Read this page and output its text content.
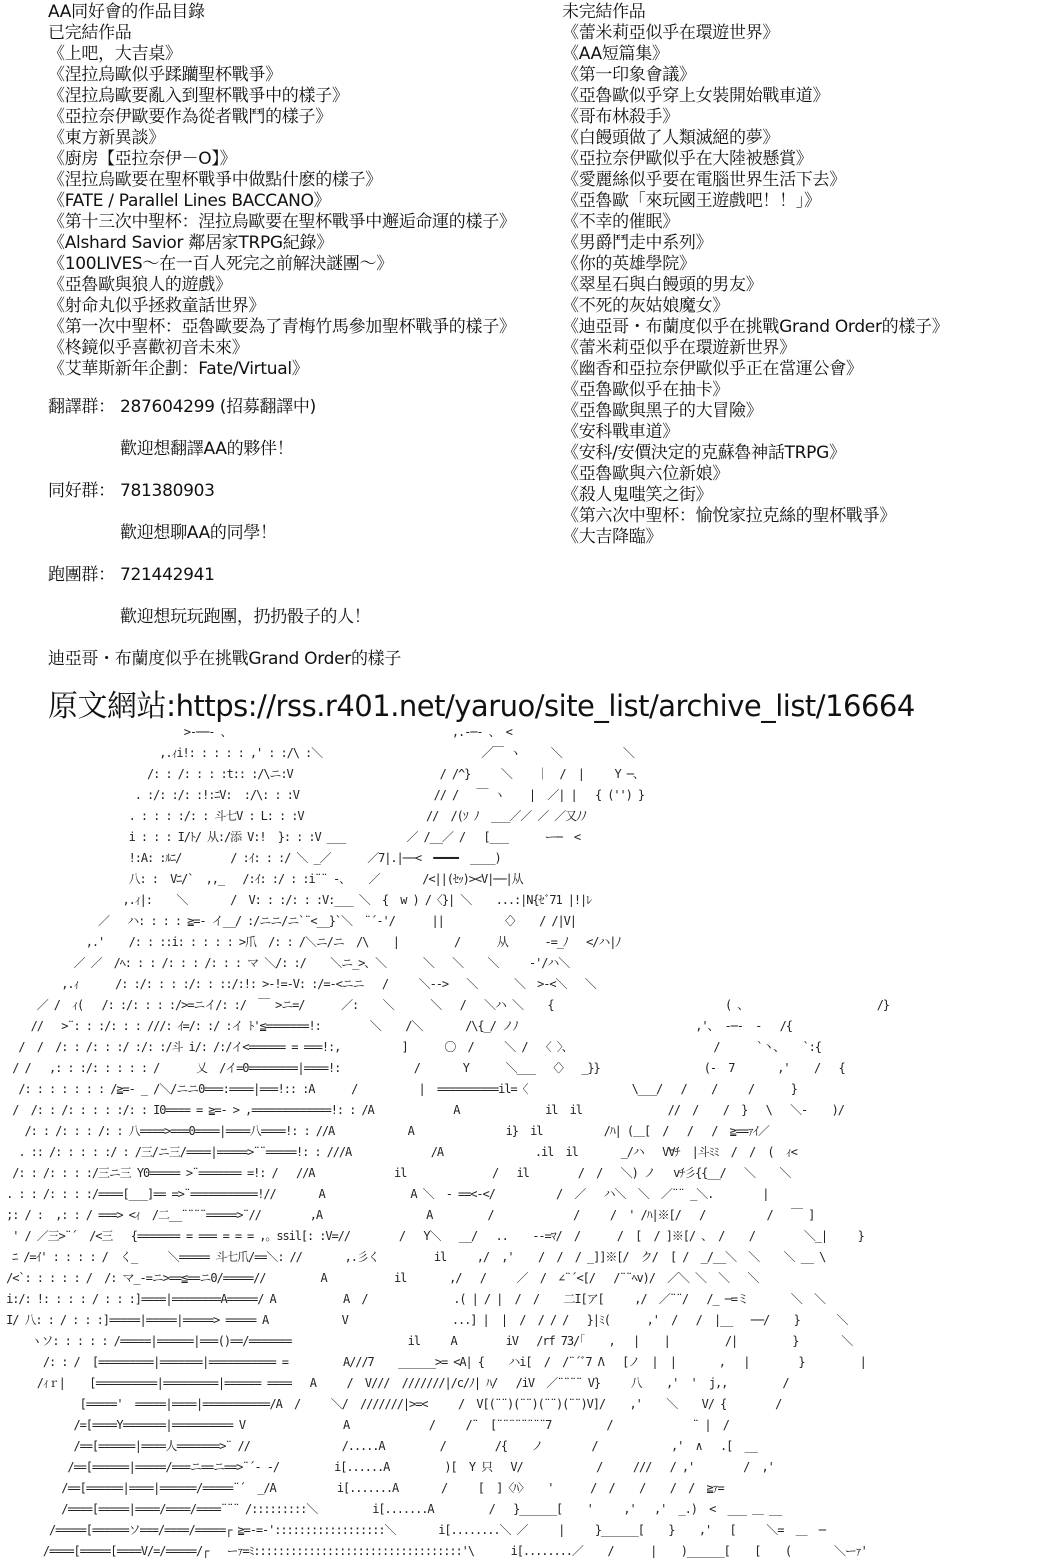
AA同好會的作品目錄
已完結作品
《上吧，大吉桌》
《涅拉烏歐似乎蹂躪聖杯戰爭》
《涅拉烏歐要亂入到聖杯戰爭中的樣子》
《亞拉奈伊歐要作為從者戰鬥的樣子》
《東方新異談》
《廚房【亞拉奈伊－O】》
《涅拉烏歐要在聖杯戰爭中做點什麽的樣子》
《FATE / Parallel Lines BACCANO》
《第十三次中聖杯：涅拉烏歐要在聖杯戰爭中邂逅命運的樣子》
《Alshard Savior 鄰居家TRPG紀錄》
《100LIVES～在一百人死完之前解決謎團～》
《亞魯歐與狼人的遊戲》
《射命丸似乎拯救童話世界》
《第一次中聖杯：亞魯歐要為了青梅竹馬參加聖杯戰爭的樣子》
《柊鏡似乎喜歡初音未來》
《艾華斯新年企劃：Fate/Virtual》
翻譯群： 287604299 (招募翻譯中)
歡迎想翻譯AA的夥伴！
同好群： 781380903
歡迎想聊AA的同學！
跑團群： 721442941
歡迎想玩玩跑團，扔扔骰子的人！
迪亞哥・布蘭度似乎在挑戰Grand Order的樣子
未完結作品
《蕾米莉亞似乎在環遊世界》
《AA短篇集》
《第一印象會議》
《亞魯歐似乎穿上女裝開始戰車道》
《哥布林殺手》
《白饅頭做了人類滅絕的夢》
《亞拉奈伊歐似乎在大陸被懸賞》
《愛麗絲似乎要在電腦世界生活下去》
《亞魯歐「來玩國王遊戲吧！！」》
《不幸的催眠》
《男爵鬥走中系列》
《你的英雄學院》
《翠星石與白饅頭的男友》
《不死的灰姑娘魔女》
《迪亞哥・布蘭度似乎在挑戰Grand Order的樣子》
《蕾米莉亞似乎在環遊新世界》
《幽香和亞拉奈伊歐似乎正在當運公會》
《亞魯歐似乎在抽卡》
《亞魯歐與黑子的大冒險》
《安科戰車道》
《安科/安價決定的克蘇魯神話TRPG》
《亞魯歐與六位新娘》
《殺人鬼嗤笑之街》
《第六次中聖杯：愉悅家拉克絲的聖杯戰爭》
《大吉降臨》
原文網站:https://rss.r401.net/yaruo/site_list/archive_list/16664
>‐──- 、                                    ,.-─- 、 <
,.ｨi!: : : : : ,' : :/\ :＼                          ／￣ ヽ     ＼          ＼
/: : /: : : :t:: :/\ニ:V                        / /^}     ＼    ｜  /  |     Y ─、
. :/: :/: :!:ﾆV:  :/\: : :V                      // /   ￣ ヽ    |  ／| |   { ('') }
. : : : :/: : 斗七V : L: : :V                    //  /(ｿ ﾉ  ___／／ ／ ／又ﾉﾉ
i : : : I/ﾄ/ 从:/添 V:!  }: : :V ___          ／ /__／ /   [___      ー─  <
!:A: :ﾙﾆ/        / :ｲ: : :/ ＼ _／      ／7|.|──<  ━━━━  ____)
八: :  Vﾆ/`  ,,_   /:ｲ: :/ : :i¨¨ ‐、   ／       /<||(ｾｯ)><V|──|从
,.ｨ|:    ＼       /  V: : :/: : :V:___ ＼  {  w ) /〈}| ＼    ...:|N{ｾﾞ71 |!|ﾚ
／   ハ: : : : ≧=- イ__/ :/ニニ/ニ`¨<__}`＼  ¨´‐'/      ||         〈〉   / /|V|
,.'    /: : ::i: : : : : >爪  /: : /＼ニ/ニ  /\    |         /      从      ‐=_ﾉ   </ハ|ﾉ
／ ／  /ﾍ: : : /: : : /: : : マ ＼/: :/    ＼ニ_>、＼      ＼   ＼    ＼     ‐'/ハ＼
,.ｨ      /: :/: : : :/: : ::/:!: >-!=-V: :/=-<ニニ   /     ＼-->   ＼      ＼  >‐<＼   ＼
／ /  ｨ(   /: :/: : : :/>=ニイ/: :/  ￣ >ニ=/      ／:    ＼      ＼   /   ＼ハ ＼    {                            ( 、                     /}
//   >¨: : :/: : : ///: ｲ=/: :/ :イ ﾄ'≦=======!:        ＼    /＼       /\{_/ ノﾉ                             ,'、 -─-  -   /{
/  /  /: : /: : :/ :/: :/斗 i/: /:/イ<====== = ===!:,          ]      〇  /     ＼ /  〈 〉、                       /      `丶、   `:{
/ /   ,: : :/: : : : : /      乂  /イ=0========|====!:            /       Y      ＼___  〈〉  _}}                 (‐  7       ,'    /   {
/: : : : : : : /≧=- _ /＼/ニニ0===:====|===!:: :A      /          |  ==========il=〈                 \___/   /    /     /      }
/  /: : /: : : : :/: : I0==== = ≧=- > ,=============!: : /A             A              il  il              //  /    /  }   \   ＼‐    )/
/: : /: : : /: : 八====>===0====|====八====!: : //A            A               i}  il          /ﾊ| (＿[  /   /   /  ≧==ｧｲ／
. :: /: : : : :/ : /三/ニ三/====|=====>¨¨=====!: : ///A             /A               .il  il       _/ハ   V∀ﾁ  |斗ﾐﾐ  /  /  (  ｨ<
/: : /: : : :/三ニ三 Y0===== >¨======= =!: /   //A             il              /   il        /  /   ＼) ノ   vﾁ彡{{__/   ＼    ＼
. : : /: : : :/====[___]== =>¨===========!//       A              A ＼  - ==<-</          /  ／   ハ＼  ＼  ／¨¨ _＼.        |
;: / :  ,: : / ===> <ｨ  /二__¨¨¨¨=====>¨//        ,A                 A         /             /     /  ' /ﾊ|※[/   /          /   ￣ ]
' / ／三>¨´  /<三   {======= = === = = = ,。ssil[: :V=//        /   Y＼   __/   ..    --=ﾏ/  /      /  [  / ]※[/ 、 /    /        ＼_|     }
ﾆ /=ｲ' : : : : /  く_     ＼===== 斗七爪/==＼: //       ,.彡く         il     ,/  ,'    /  /  / _]]※[/  ク/  [ /  _/__＼  ＼    ＼ __ \
/<`: : : : : /  /: マ_-=ニ>==≦==ニ0/=====//         A           il       ,/   /     ／  /  ∠¨´<[/   /¨¨ﾍv)/  ／＼ ＼  ＼   ＼
i:/: !: : : : / : : :]====|========A=====/ A           A  /              .( | / |  /  /    二I[ア[     ,/  ／¨¨/   /_ ─=ミ       ＼  ＼
I/ 八: : / : : :]=====|=====|=====> ===== A            V                 ...] |  |  /  / / /   }|ﾐ(      ,'  /   /  |__   ──/    }      ＼
ヽソ: : : : : /=====|======|===()==/=======                   il     A        iV   /rf 73/｢    ,   |    |         /|         }       ＼
/: : /  [=========|=======|=========== =         A///7    ______>= <A| {    ハi[  /  /¨´ﾞ7 Λ   [ノ  |  |       ,   |        }         |
/ｨｒ|    [==========|=========|====== ====   A     /  V///  ///////|/c/ﾉ| ﾊ/   /iV  ／¨¨¨¨ V}     八    ,'  '  j,,         /
[====='  =====|====|===========/A  /     ＼/  ///////|>=<     /  V[(¨¨)(¨¨)(¨¨)(¨¨)V]/    ,'    ＼    V/ {        /
/=[====Y=======|========== V                A             /     /¨  [¨¨¨¨¨¨¨¨7         /             ¨ |  /
/==[======|====人=======>¨ //               /.....A         /        /{    ノ        /            ,'  ∧   .[  __
/==[======|=====/===ニ==ニ==>¨´- ‐/         i[......A         )[  Y 只   V/            /     ///   / ,'        /  ,'
/==[======|====|======/=====¨´  _/A          i[.......A       /     [  ]〈ﾊ〉   '      /  /    /    /  /  ≧ｧ=
/====[=====|====/====/====¨¨¨ /:::::::::＼         i[.......A         /   }______[    '     ,'   ,'  _.)  <  ___ ＿ __
/=====[======ソ===/====/=====┌ ≧=-=‐'::::::::::::::::::＼       i[........＼ ／     |     }______[    }    ,'   [     ＼=  ＿  ─
/====[=====[====V/=/=====/┌   ーｧ=ﾐ::::::::::::::::::::::::::::::::::'\      i[........／    /      |    )______[    [    (       ＼ーｧ'
